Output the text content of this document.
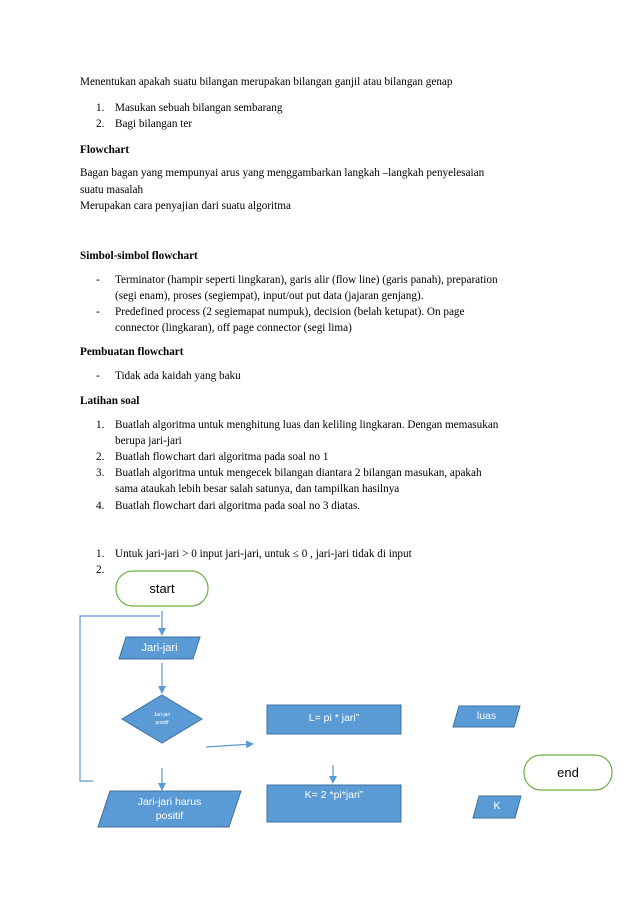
Menentukan apakah suatu bilangan merupakan bilangan ganjil atau bilangan genap
1. Masukan sebuah bilangan sembarang
2. Bagi bilangan ter
Flowchart
Bagan bagan yang mempunyai arus yang menggambarkan langkah –langkah penyelesaian
suatu masalah
Merupakan cara penyajian dari suatu algoritma
Simbol-simbol flowchart
- Terminator (hampir seperti lingkaran), garis alir (flow line) (garis panah), preparation
(segi enam), proses (segiempat), input/out put data (jajaran genjang).
- Predefined process (2 segiemapat numpuk), decision (belah ketupat). On page
connector (lingkaran), off page connector (segi lima)
Pembuatan flowchart
- Tidak ada kaidah yang baku
Latihan soal
1. Buatlah algoritma untuk menghitung luas dan keliling lingkaran. Dengan memasukan
berupa jari-jari
2. Buatlah flowchart dari algoritma pada soal no 1
3. Buatlah algoritma untuk mengecek bilangan diantara 2 bilangan masukan, apakah
sama ataukah lebih besar salah satunya, dan tampilkan hasilnya
4. Buatlah flowchart dari algoritma pada soal no 3 diatas.
1. Untuk jari-jari > 0 input jari-jari, untuk ≤ 0 , jari-jari tidak di input
2.
start
Jari-jari
Jari-jari
positif	L= pi * jari”
K= 2 *pi*jari”
Jari-jari harus
positif
luas
K
end
